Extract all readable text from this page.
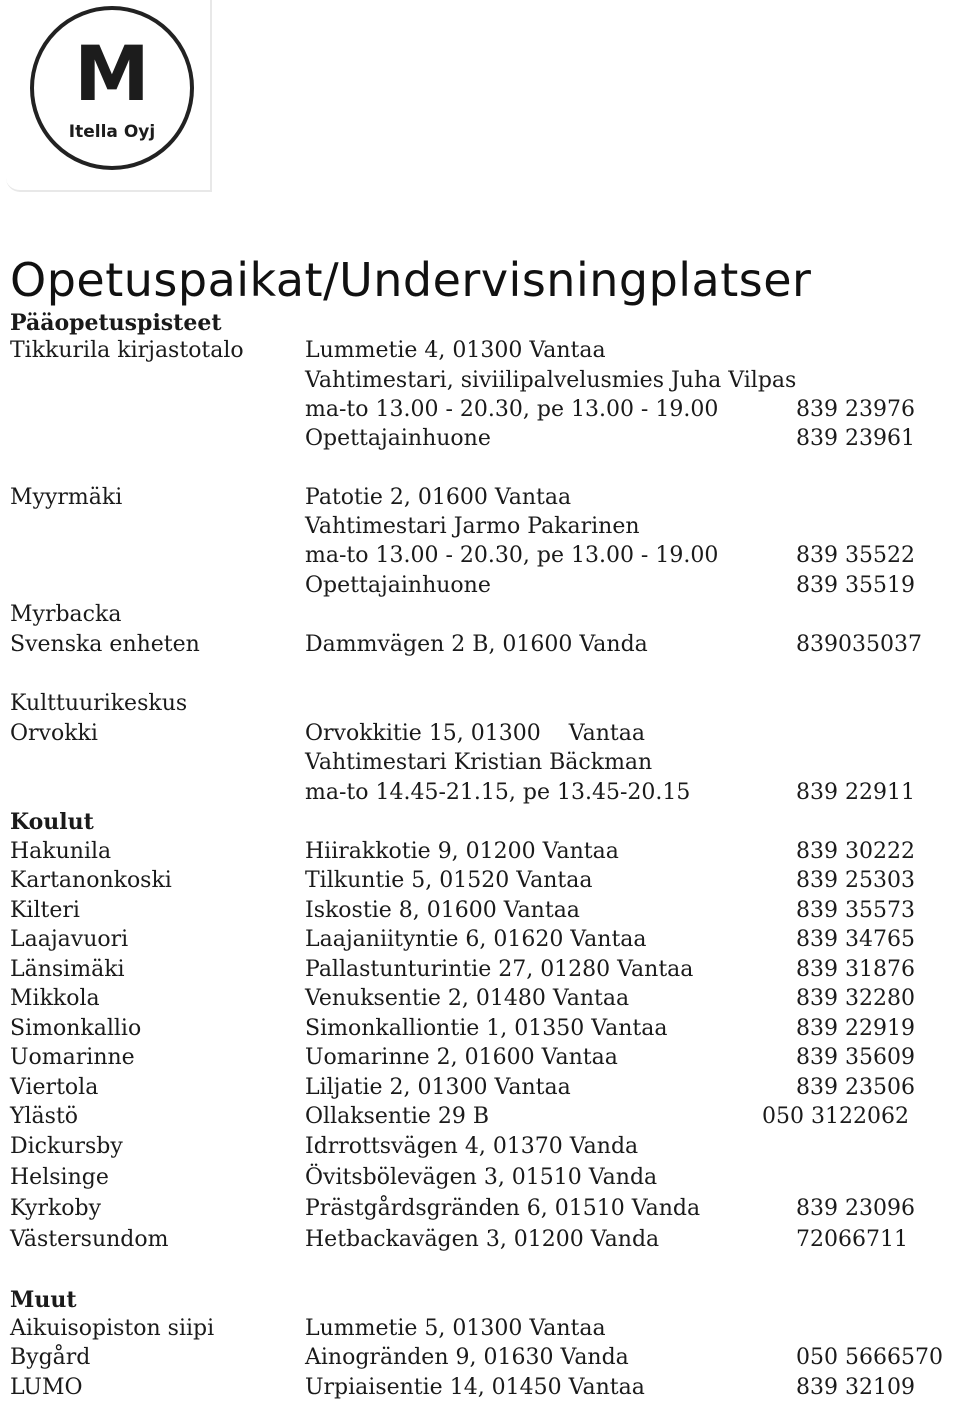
M
Itella Oyj
Opetuspaikat/Undervisningplatser
Pääopetuspisteet
Tikkurila kirjastotalo	Lummetie 4, 01300 Vantaa
Vahtimestari, siviilipalvelusmies Juha Vilpas
ma-to 13.00 - 20.30, pe 13.00 - 19.00	839 23976
Opettajainhuone	839 23961
Myyrmäki	Patotie 2, 01600 Vantaa
Vahtimestari Jarmo Pakarinen
ma-to 13.00 - 20.30, pe 13.00 - 19.00	839 35522
Opettajainhuone	839 35519
Myrbacka
Svenska enheten	Dammvägen 2 B, 01600 Vanda	839035037
Kulttuurikeskus
Orvokki	Orvokkitie 15, 01300    Vantaa
Vahtimestari Kristian Bäckman
ma-to 14.45-21.15, pe 13.45-20.15	839 22911
Koulut
Hakunila	Hiirakkotie 9, 01200 Vantaa	839 30222
Kartanonkoski	Tilkuntie 5, 01520 Vantaa	839 25303
Kilteri	Iskostie 8, 01600 Vantaa	839 35573
Laajavuori	Laajaniityntie 6, 01620 Vantaa	839 34765
Länsimäki	Pallastunturintie 27, 01280 Vantaa	839 31876
Mikkola	Venuksentie 2, 01480 Vantaa	839 32280
Simonkallio	Simonkalliontie 1, 01350 Vantaa	839 22919
Uomarinne	Uomarinne 2, 01600 Vantaa	839 35609
Viertola	Liljatie 2, 01300 Vantaa	839 23506
Ylästö	Ollaksentie 29 B	050 3122062
Dickursby	Idrrottsvägen 4, 01370 Vanda
Helsinge	Övitsbölevägen 3, 01510 Vanda
Kyrkoby	Prästgårdsgränden 6, 01510 Vanda	839 23096
Västersundom	Hetbackavägen 3, 01200 Vanda	72066711
Muut
Aikuisopiston siipi	Lummetie 5, 01300 Vantaa
Bygård	Ainogränden 9, 01630 Vanda	050 5666570
LUMO	Urpiaisentie 14, 01450 Vantaa	839 32109
